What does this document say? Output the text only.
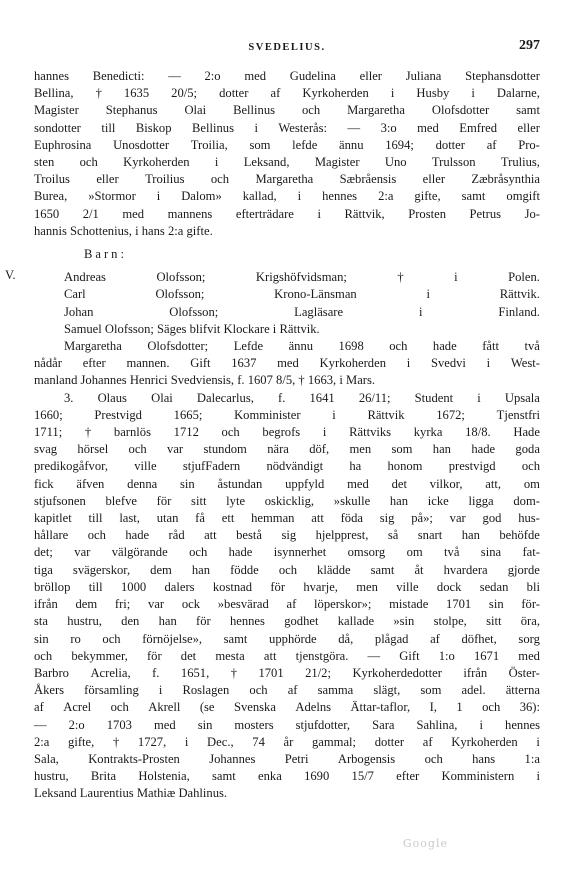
SVEDELIUS.	297
V.
hannes Benedicti: — 2:o med Gudelina eller Juliana Stephansdotter
Bellina, † 1635 20/5; dotter af Kyrkoherden i Husby i Dalarne,
Magister Stephanus Olai Bellinus och Margaretha Olofsdotter samt
sondotter till Biskop Bellinus i Westerås: — 3:o med Emfred eller
Euphrosina Unosdotter Troilia, som lefde ännu 1694; dotter af Pro-
sten och Kyrkoherden i Leksand, Magister Uno Trulsson Trulius,
Troilus eller Troilius och Margaretha Sæbråensis eller Zæbråsynthia
Burea, »Stormor i Dalom» kallad, i hennes 2:a gifte, samt omgift
1650 2/1 med mannens efterträdare i Rättvik, Prosten Petrus Jo-
hannis Schottenius, i hans 2:a gifte.
Barn:
Andreas	Olofsson;	Krigshöfvidsman;	†	i	Polen.
Carl	Olofsson;	Krono-Länsman	i	Rättvik.
Johan	Olofsson;	Lagläsare	i	Finland.
Samuel Olofsson; Säges blifvit Klockare i Rättvik.
Margaretha Olofsdotter; Lefde ännu 1698 och hade fått två
nådår efter mannen. Gift 1637 med Kyrkoherden i Svedvi i West-
manland Johannes Henrici Svedviensis, f. 1607 8/5, † 1663, i Mars.
3. Olaus Olai Dalecarlus, f. 1641 26/11; Student i Upsala
1660;	Prestvigd	1665;	Komminister	i	Rättvik	1672;	Tjenstfri
1711; † barnlös 1712 och begrofs i Rättviks kyrka 18/8. Hade
svag hörsel och var stundom nära döf, men som han hade goda
predikogåfvor, ville stjufFadern nödvändigt ha honom prestvigd och
fick äfven denna sin åstundan uppfyld med det vilkor, att, om
stjufsonen blefve för sitt lyte oskicklig, »skulle han icke ligga dom-
kapitlet till last, utan få ett hemman att föda sig på»; var god hus-
hållare och hade råd att bestå sig hjelpprest, så snart han behöfde
det; var välgörande och hade isynnerhet omsorg om två sina fat-
tiga svägerskor, dem han födde och klädde samt åt hvardera gjorde
bröllop till 1000 dalers kostnad för hvarje, men ville dock sedan bli
ifrån dem fri; var ock »besvärad af löperskor»; mistade 1701 sin för-
sta hustru, den han för hennes godhet kallade »sin stolpe, sitt öra,
sin ro och förnöjelse», samt upphörde då, plågad af döfhet, sorg
och bekymmer, för det mesta att tjenstgöra. — Gift 1:o 1671 med
Barbro Acrelia, f. 1651, † 1701 21/2; Kyrkoherdedotter ifrån Öster-
Åkers församling i Roslagen och af samma slägt, som adel. ätterna
af Acrel och Akrell (se Svenska Adelns Ättar-taflor, I, 1 och 36):
— 2:o 1703 med sin mosters stjufdotter, Sara Sahlina, i hennes
2:a gifte, † 1727, i Dec., 74 år gammal; dotter af Kyrkoherden i
Sala, Kontrakts-Prosten Johannes Petri Arbogensis och hans 1:a
hustru, Brita Holstenia, samt enka 1690 15/7 efter Komministern i
Leksand Laurentius Mathiæ Dahlinus.
Google
